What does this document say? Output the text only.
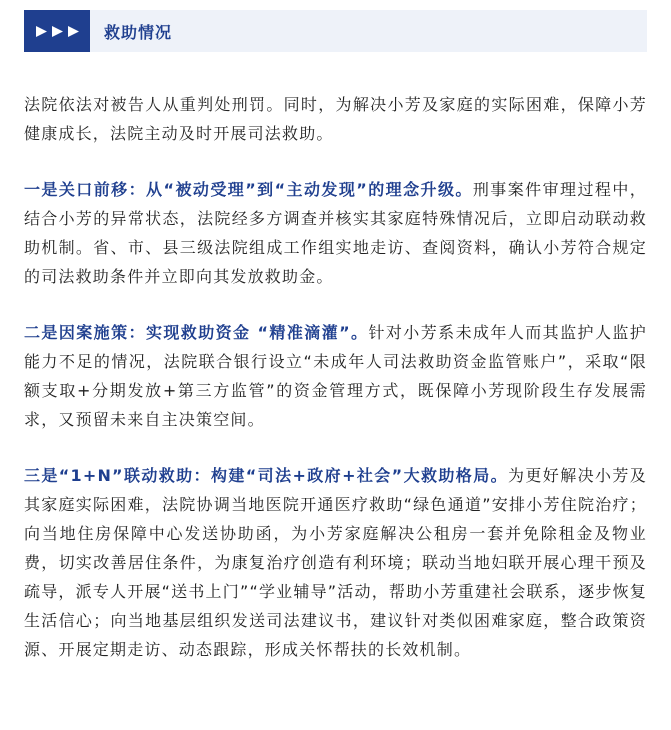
救助情况

法院依法对被告人从重判处刑罚。同时，为解决小芳及家庭的实际困难，保障小芳健康成长，法院主动及时开展司法救助。

一是关口前移：从“被动受理”到“主动发现”的理念升级。刑事案件审理过程中，结合小芳的异常状态，法院经多方调查并核实其家庭特殊情况后，立即启动联动救助机制。省、市、县三级法院组成工作组实地走访、查阅资料，确认小芳符合规定的司法救助条件并立即向其发放救助金。

二是因案施策：实现救助资金 “精准滴灌”。针对小芳系未成年人而其监护人监护能力不足的情况，法院联合银行设立“未成年人司法救助资金监管账户”，采取“限额支取+分期发放+第三方监管”的资金管理方式，既保障小芳现阶段生存发展需求，又预留未来自主决策空间。

三是“1+N”联动救助：构建“司法+政府+社会”大救助格局。为更好解决小芳及其家庭实际困难，法院协调当地医院开通医疗救助“绿色通道”安排小芳住院治疗；向当地住房保障中心发送协助函，为小芳家庭解决公租房一套并免除租金及物业费，切实改善居住条件，为康复治疗创造有利环境；联动当地妇联开展心理干预及疏导，派专人开展“送书上门”“学业辅导”活动，帮助小芳重建社会联系，逐步恢复生活信心；向当地基层组织发送司法建议书，建议针对类似困难家庭，整合政策资源、开展定期走访、动态跟踪，形成关怀帮扶的长效机制。
